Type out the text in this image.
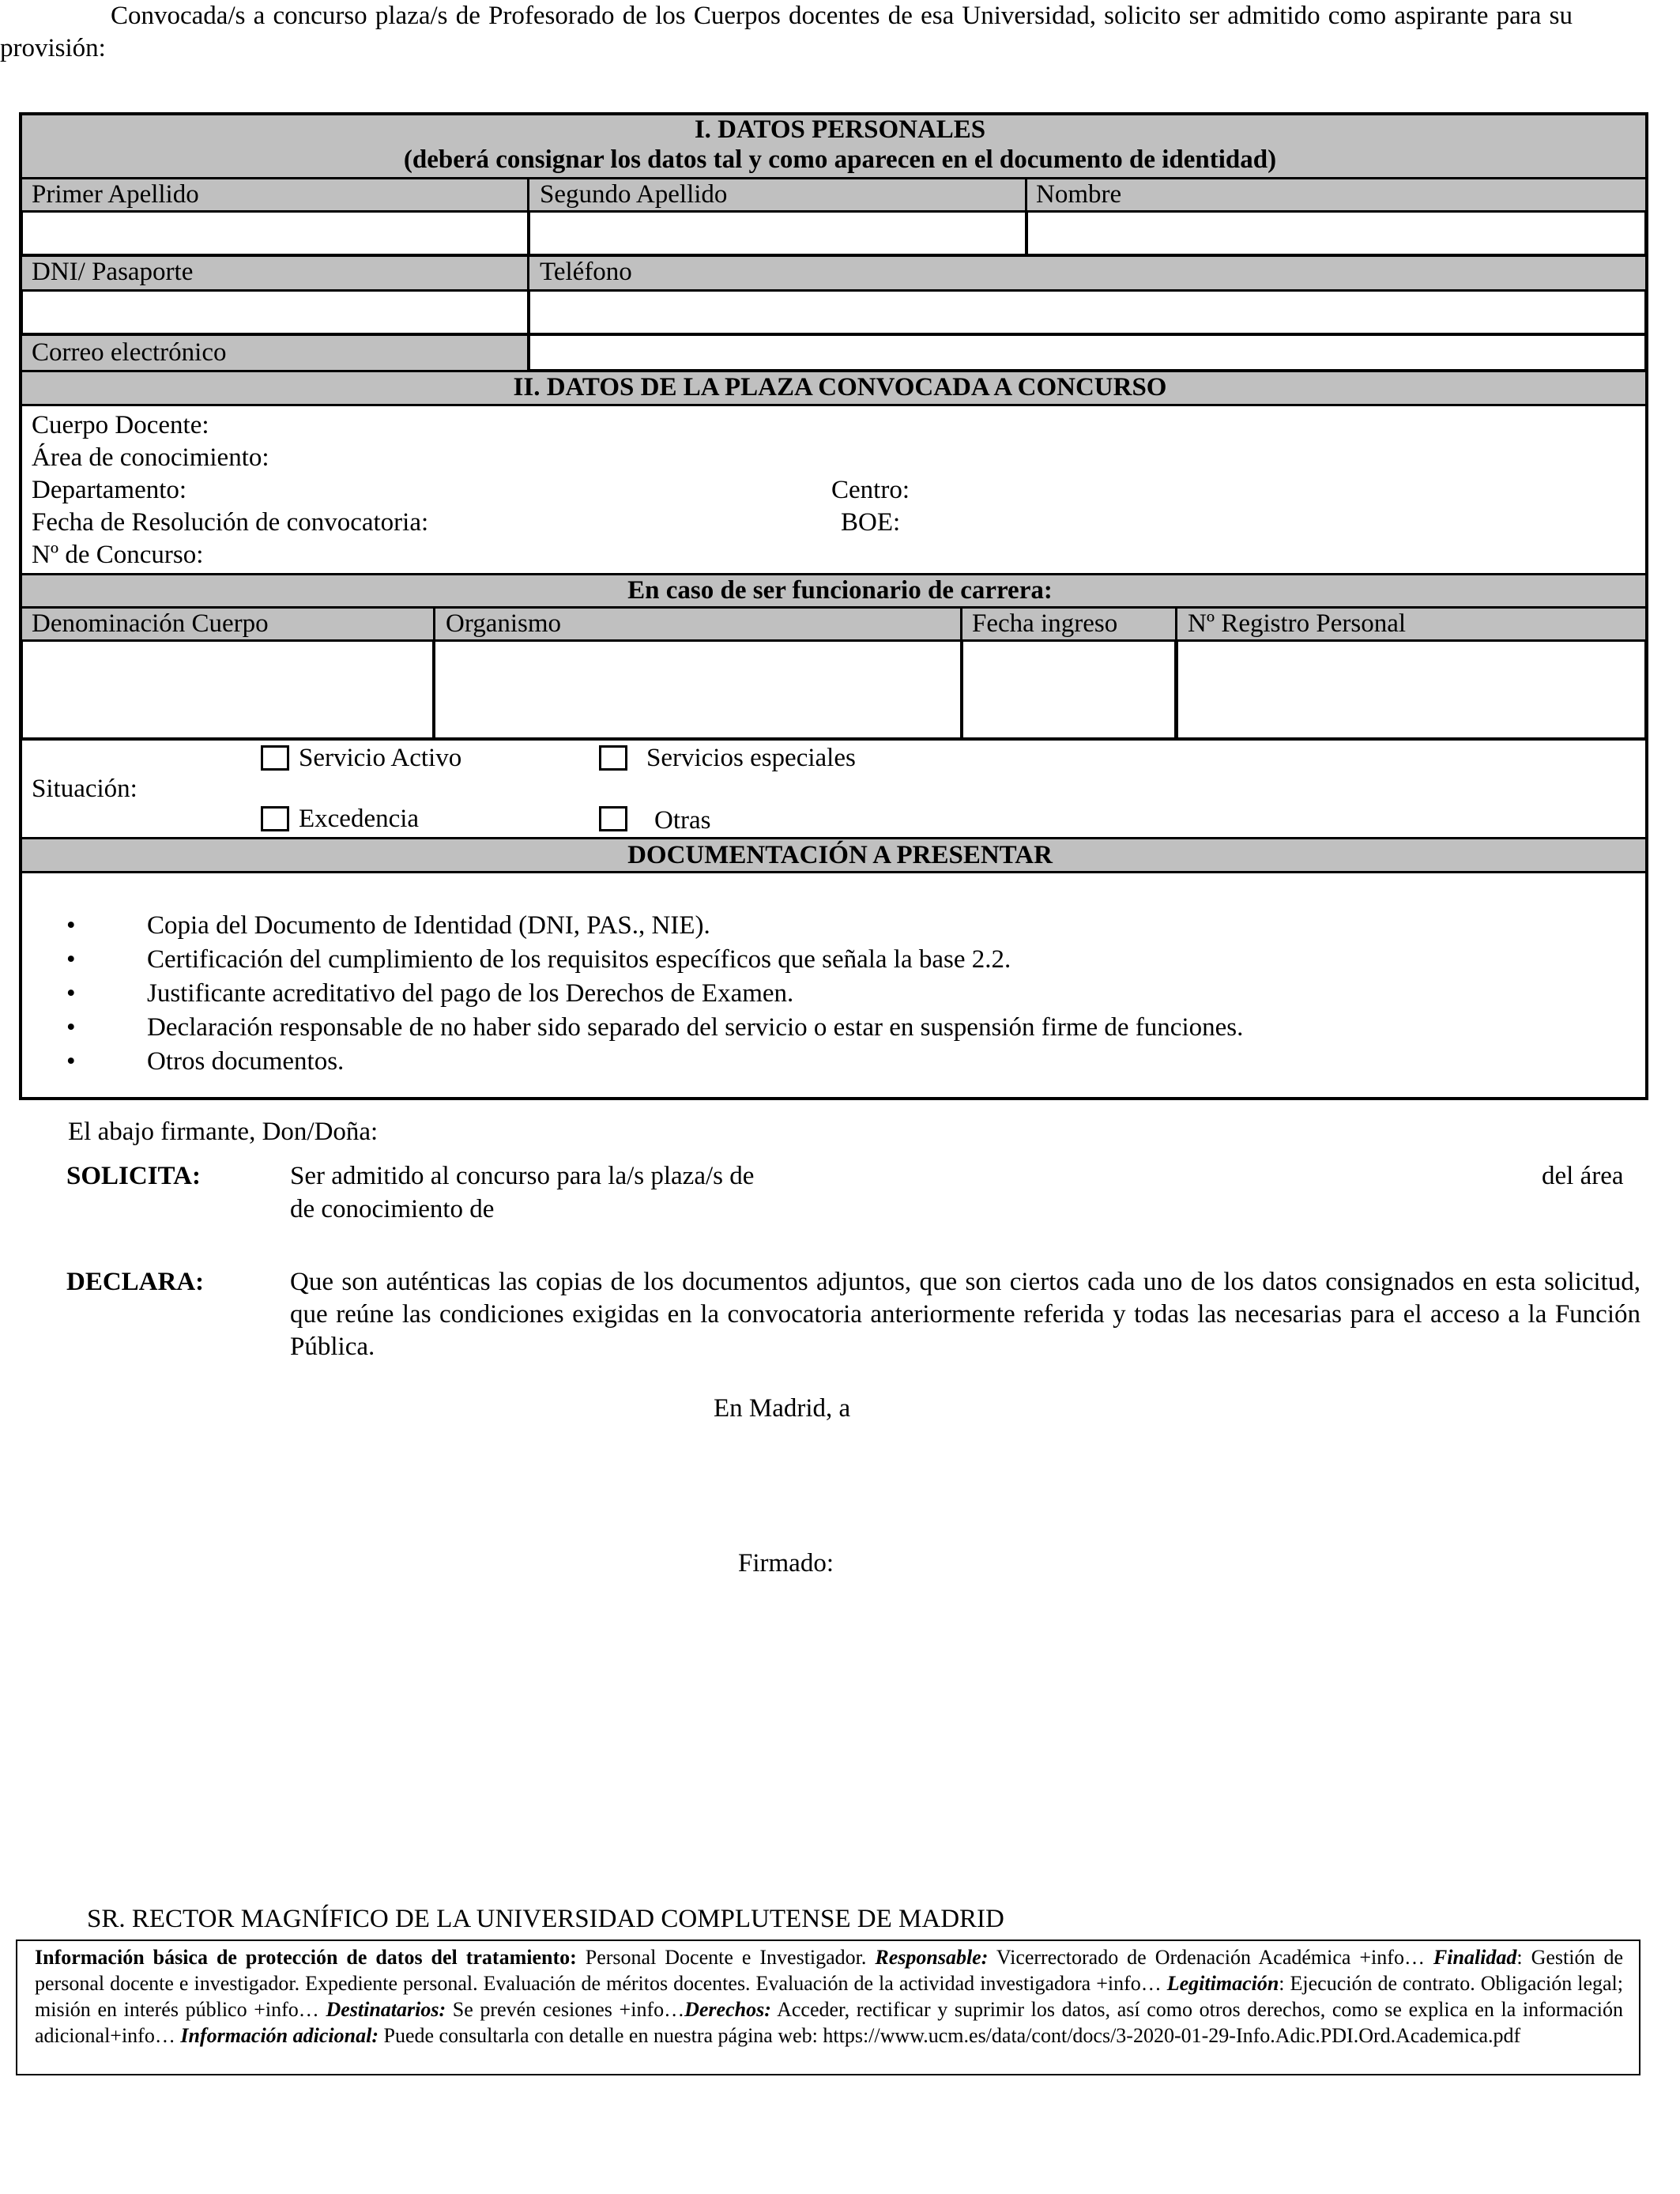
Convocada/s a concurso plaza/s de Profesorado de los Cuerpos docentes de esa Universidad, solicito ser admitido como aspirante para su provisión:
I. DATOS PERSONALES
(deberá consignar los datos tal y como aparecen en el documento de identidad)
Primer Apellido	Segundo Apellido	Nombre
DNI/ Pasaporte	Teléfono
Correo electrónico
II. DATOS DE LA PLAZA CONVOCADA A CONCURSO
Cuerpo Docente:
Área de conocimiento:
Departamento:	Centro:
Fecha de Resolución de convocatoria:	BOE:
Nº de Concurso:
En caso de ser funcionario de carrera:
Denominación Cuerpo	Organismo	Fecha ingreso	Nº Registro Personal
Situación:
Servicio Activo	Servicios especiales
Excedencia	Otras
DOCUMENTACIÓN A PRESENTAR
• Copia del Documento de Identidad (DNI, PAS., NIE).
• Certificación del cumplimiento de los requisitos específicos que señala la base 2.2.
• Justificante acreditativo del pago de los Derechos de Examen.
• Declaración responsable de no haber sido separado del servicio o estar en suspensión firme de funciones.
• Otros documentos.
El abajo firmante, Don/Doña:
SOLICITA:	Ser admitido al concurso para la/s plaza/s de	del área
de conocimiento de
DECLARA:	Que son auténticas las copias de los documentos adjuntos, que son ciertos cada uno de los datos consignados en esta solicitud, que reúne las condiciones exigidas en la convocatoria anteriormente referida y todas las necesarias para el acceso a la Función Pública.
En Madrid, a
Firmado:
SR. RECTOR MAGNÍFICO DE LA UNIVERSIDAD COMPLUTENSE DE MADRID
Información básica de protección de datos del tratamiento: Personal Docente e Investigador. Responsable: Vicerrectorado de Ordenación Académica +info… Finalidad: Gestión de personal docente e investigador. Expediente personal. Evaluación de méritos docentes. Evaluación de la actividad investigadora +info… Legitimación: Ejecución de contrato. Obligación legal; misión en interés público +info… Destinatarios: Se prevén cesiones +info…Derechos: Acceder, rectificar y suprimir los datos, así como otros derechos, como se explica en la información adicional+info… Información adicional: Puede consultarla con detalle en nuestra página web: https://www.ucm.es/data/cont/docs/3-2020-01-29-Info.Adic.PDI.Ord.Academica.pdf
